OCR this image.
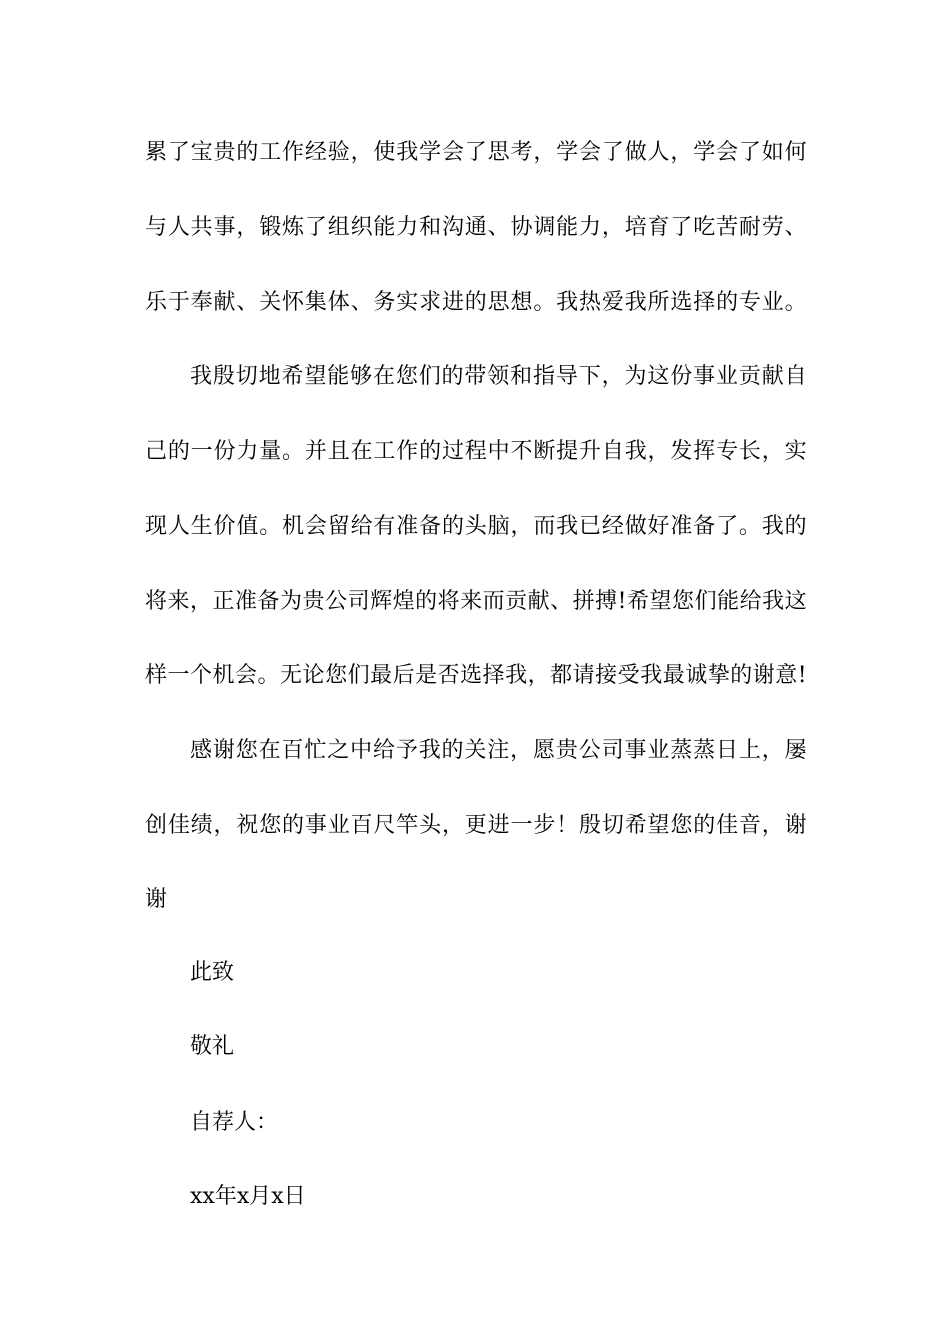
累了宝贵的工作经验，使我学会了思考，学会了做人，学会了如何
与人共事，锻炼了组织能力和沟通、协调能力，培育了吃苦耐劳、
乐于奉献、关怀集体、务实求进的思想。我热爱我所选择的专业。
我殷切地希望能够在您们的带领和指导下，为这份事业贡献自
己的一份力量。并且在工作的过程中不断提升自我，发挥专长，实
现人生价值。机会留给有准备的头脑，而我已经做好准备了。我的
将来，正准备为贵公司辉煌的将来而贡献、拼搏!希望您们能给我这
样一个机会。无论您们最后是否选择我，都请接受我最诚挚的谢意!
感谢您在百忙之中给予我的关注，愿贵公司事业蒸蒸日上，屡
创佳绩，祝您的事业百尺竿头，更进一步！殷切希望您的佳音，谢
谢
此致
敬礼
自荐人：
xx年x月x日
